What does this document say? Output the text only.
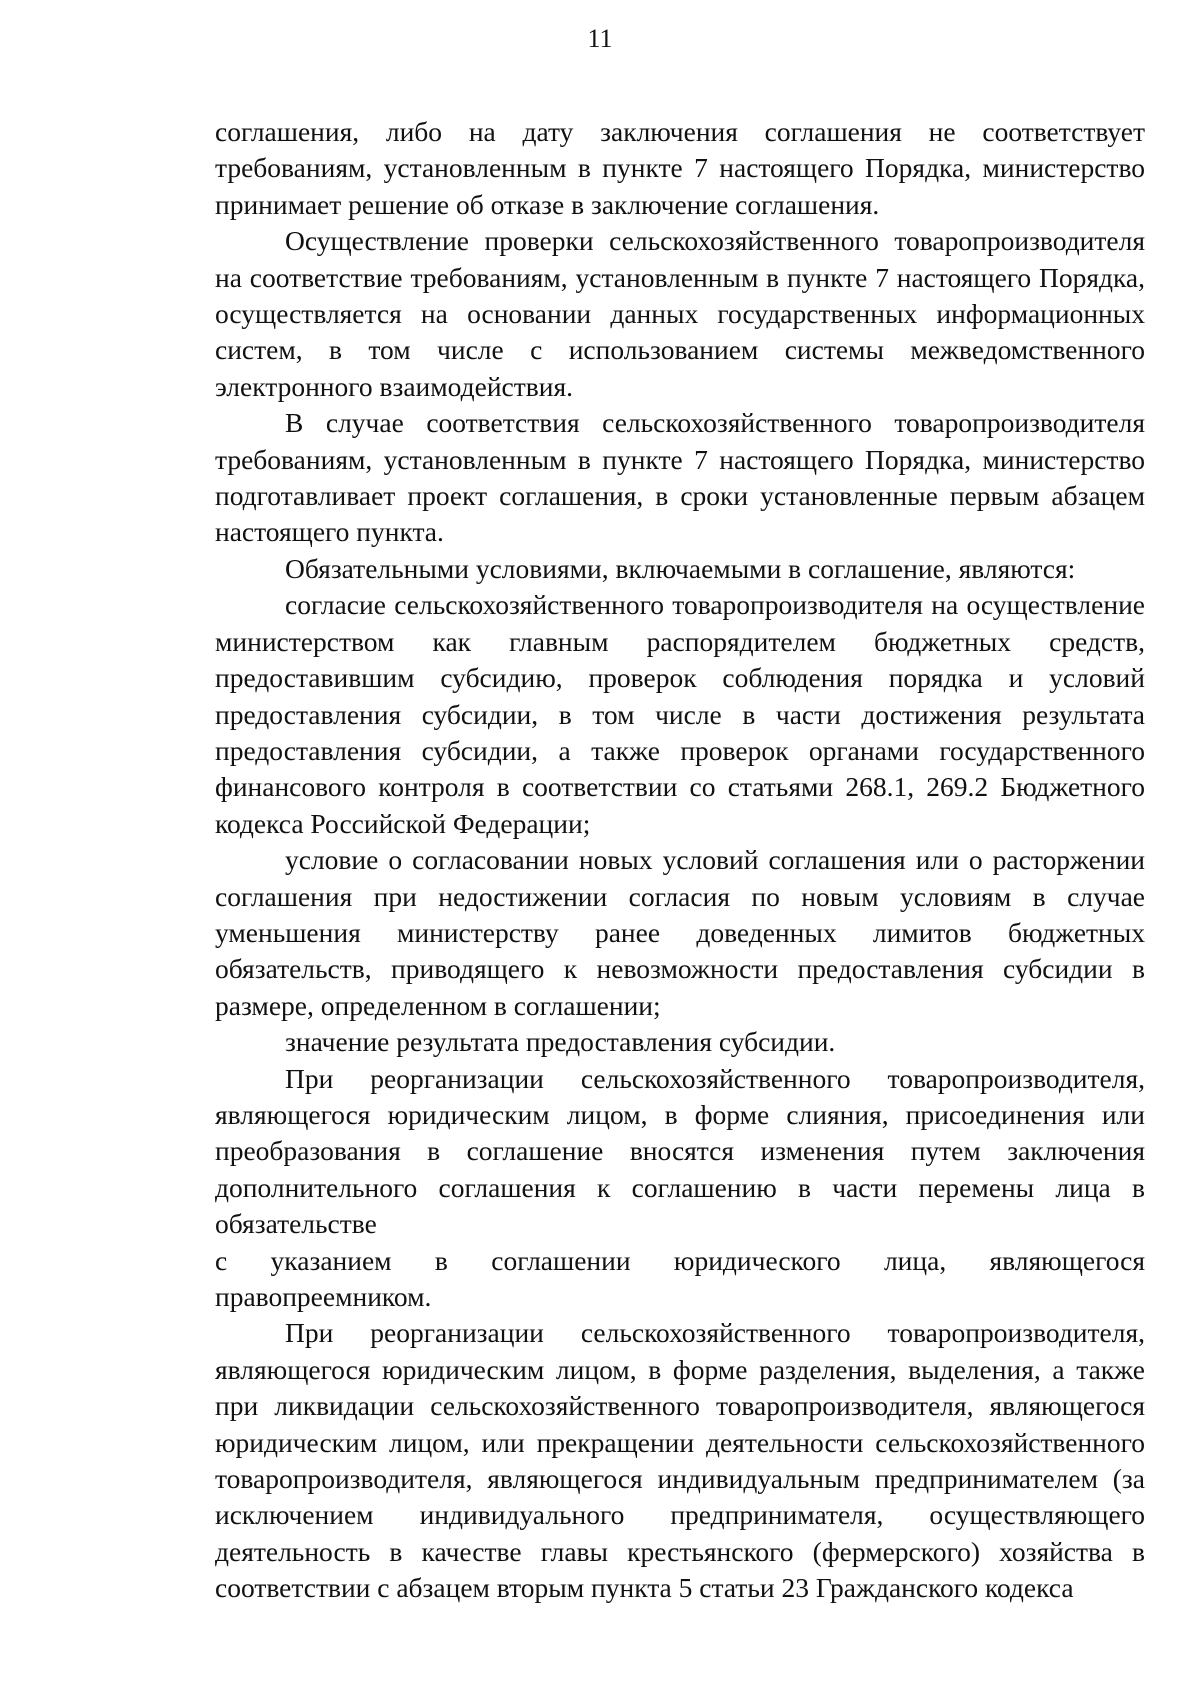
11

соглашения, либо на дату заключения соглашения не соответствует требованиям, установленным в пункте 7 настоящего Порядка, министерство принимает решение об отказе в заключение соглашения.

Осуществление проверки сельскохозяйственного товаропроизводителя на соответствие требованиям, установленным в пункте 7 настоящего Порядка, осуществляется на основании данных государственных информационных систем, в том числе с использованием системы межведомственного электронного взаимодействия.

В случае соответствия сельскохозяйственного товаропроизводителя требованиям, установленным в пункте 7 настоящего Порядка, министерство подготавливает проект соглашения, в сроки установленные первым абзацем настоящего пункта.

Обязательными условиями, включаемыми в соглашение, являются:

согласие сельскохозяйственного товаропроизводителя на осуществление министерством как главным распорядителем бюджетных средств, предоставившим субсидию, проверок соблюдения порядка и условий предоставления субсидии, в том числе в части достижения результата предоставления субсидии, а также проверок органами государственного финансового контроля в соответствии со статьями 268.1, 269.2 Бюджетного кодекса Российской Федерации;

условие о согласовании новых условий соглашения или о расторжении соглашения при недостижении согласия по новым условиям в случае уменьшения министерству ранее доведенных лимитов бюджетных обязательств, приводящего к невозможности предоставления субсидии в размере, определенном в соглашении;

значение результата предоставления субсидии.

При реорганизации сельскохозяйственного товаропроизводителя, являющегося юридическим лицом, в форме слияния, присоединения или преобразования в соглашение вносятся изменения путем заключения дополнительного соглашения к соглашению в части перемены лица в обязательстве

с указанием в соглашении юридического лица, являющегося правопреемником.

При реорганизации сельскохозяйственного товаропроизводителя, являющегося юридическим лицом, в форме разделения, выделения, а также при ликвидации сельскохозяйственного товаропроизводителя, являющегося юридическим лицом, или прекращении деятельности сельскохозяйственного товаропроизводителя, являющегося индивидуальным предпринимателем (за исключением индивидуального предпринимателя, осуществляющего деятельность в качестве главы крестьянского (фермерского) хозяйства в соответствии с абзацем вторым пункта 5 статьи 23 Гражданского кодекса
